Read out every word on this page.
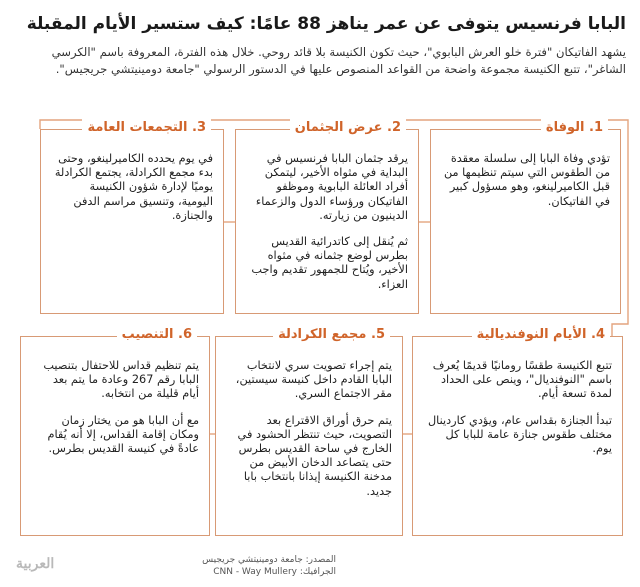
البابا فرنسيس يتوفى عن عمر يناهز 88 عامًا: كيف ستسير الأيام المقبلة
يشهد الفاتيكان "فترة خلو العرش البابوي"، حيث تكون الكنيسة بلا قائد روحي. خلال هذه الفترة، المعروفة باسم "الكرسي الشاغر"، تتبع الكنيسة مجموعة واضحة من القواعد المنصوص عليها في الدستور الرسولي "جامعة دومينيتشي جريجيس".
1. الوفاة

تؤدي وفاة البابا إلى سلسلة معقدة من الطقوس التي سيتم تنظيمها من قبل الكاميرلينغو، وهو مسؤول كبير في الفاتيكان.

2. عرض الجثمان

يرقد جثمان البابا فرنسيس في البداية في مثواه الأخير، ليتمكن أفراد العائلة البابوية وموظفو الفاتيكان ورؤساء الدول والزعماء الدينيون من زيارته.

ثم يُنقل إلى كاتدرائية القديس بطرس لوضع جثمانه في مثواه الأخير، ويُتاح للجمهور تقديم واجب العزاء.

3. التجمعات العامة

في يوم يحدده الكاميرلينغو، وحتى بدء مجمع الكرادلة، يجتمع الكرادلة يوميًا لإدارة شؤون الكنيسة اليومية، وتنسيق مراسم الدفن والجنازة.

4. الأيام النوفنديالية

تتبع الكنيسة طقسًا رومانيًا قديمًا يُعرف باسم "النوفنديال"، وينص على الحداد لمدة تسعة أيام.

تبدأ الجنازة بقداس عام، ويؤدي كاردينال مختلف طقوس جنازة عامة للبابا كل يوم.

5. مجمع الكرادلة

يتم إجراء تصويت سري لانتخاب البابا القادم داخل كنيسة سيستين، مقر الاجتماع السري.

يتم حرق أوراق الاقتراع بعد التصويت، حيث تنتظر الحشود في الخارج في ساحة القديس بطرس حتى يتصاعد الدخان الأبيض من مدخنة الكنيسة إيذانا بانتخاب بابا جديد.

6. التنصيب

يتم تنظيم قداس للاحتفال بتنصيب البابا رقم 267 وعادة ما يتم بعد أيام قليلة من انتخابه.

مع أن البابا هو من يختار زمان ومكان إقامة القداس، إلا أنه يُقام عادةً في كنيسة القديس بطرس.

العربية	المصدر: جامعة دومينيتشي جريجيس
الجرافيك: CNN - Way Mullery
